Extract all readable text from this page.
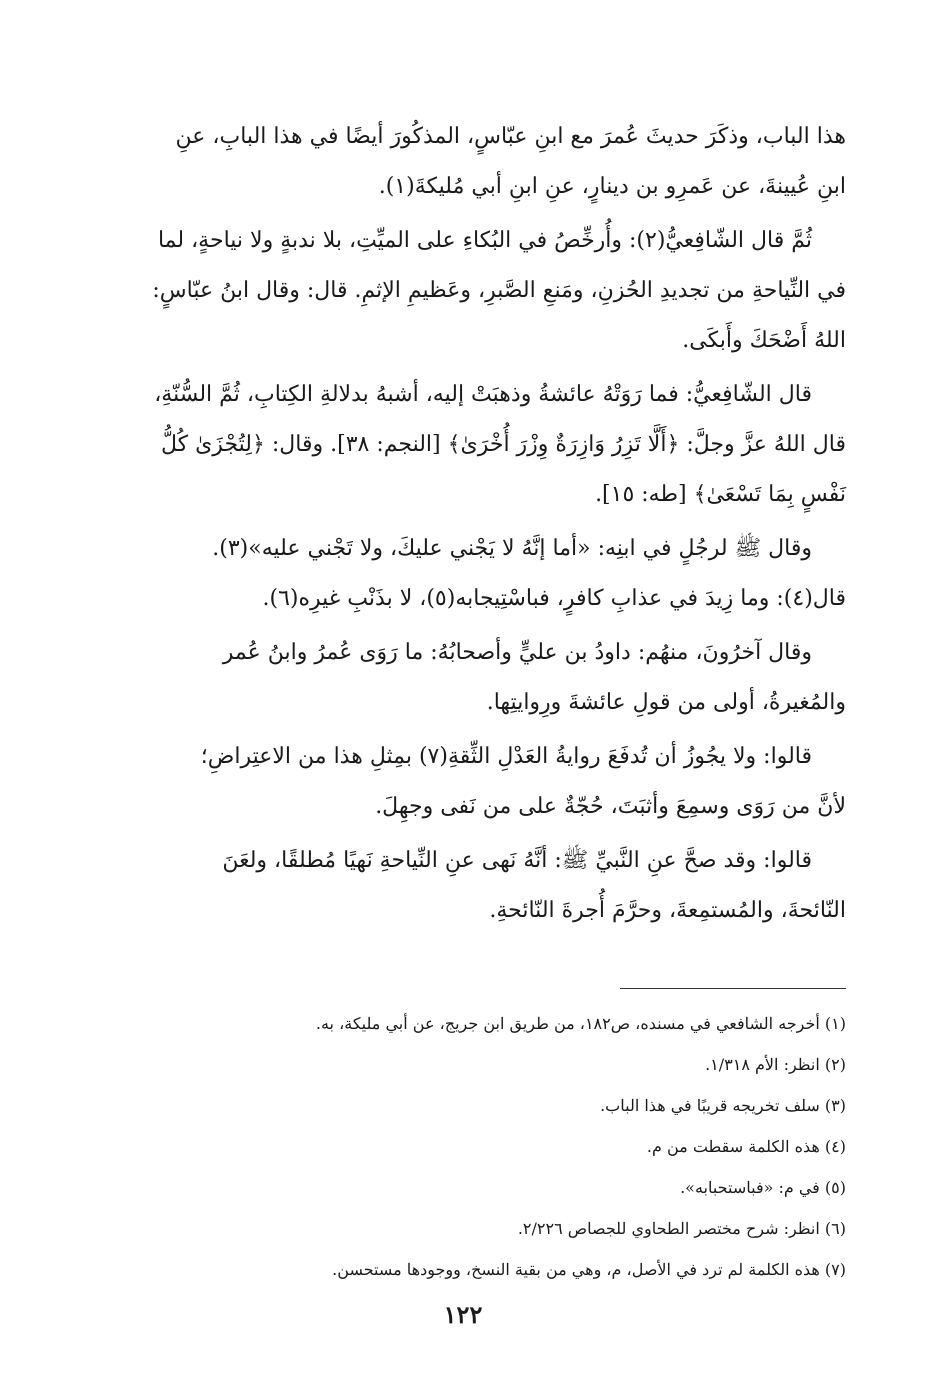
هذا الباب، وذكَرَ حديثَ عُمرَ مع ابنِ عبّاسٍ، المذكُورَ أيضًا في هذا البابِ، عنِ
ابنِ عُيينةَ، عن عَمرِو بن دينارٍ، عنِ ابنِ أبي مُليكةَ(١).

ثُمَّ قال الشّافِعيُّ(٢): وأُرخِّصُ في البُكاءِ على الميِّتِ، بلا ندبةٍ ولا نياحةٍ، لما
في النِّياحةِ من تجديدِ الحُزنِ، ومَنعِ الصَّبرِ، وعَظيمِ الإثمِ. قال: وقال ابنُ عبّاسٍ:
اللهُ أَضْحَكَ وأَبكَى.

قال الشّافِعيُّ: فما رَوَتْهُ عائشةُ وذهبَتْ إليه، أشبهُ بدلالةِ الكِتابِ، ثُمَّ السُّنّةِ،
قال اللهُ عزَّ وجلَّ: ﴿أَلَّا تَزِرُ وَازِرَةٌ وِزْرَ أُخْرَىٰ﴾ [النجم: ٣٨]. وقال: ﴿لِتُجْزَىٰ كُلُّ
نَفْسٍ بِمَا تَسْعَىٰ﴾ [طه: ١٥].

وقال ﷺ لرجُلٍ في ابنِه: «أما إنَّهُ لا يَجْني عليكَ، ولا تَجْني عليه»(٣).
قال(٤): وما زِيدَ في عذابِ كافرٍ، فباسْتِيجابه(٥)، لا بذَنْبِ غيرِه(٦).

وقال آخرُونَ، منهُم: داودُ بن عليٍّ وأصحابُهُ: ما رَوَى عُمرُ وابنُ عُمر
والمُغيرةُ، أولى من قولِ عائشةَ ورِوايتِها.

قالوا: ولا يجُوزُ أن تُدفَعَ روايةُ العَدْلِ الثِّقةِ(٧) بمِثلِ هذا من الاعتِراضِ؛
لأنَّ من رَوَى وسمِعَ وأثبَتَ، حُجّةٌ على من نَفى وجهِلَ.

قالوا: وقد صحَّ عنِ النَّبيِّ ﷺ: أنَّهُ نَهى عنِ النِّياحةِ نَهيًا مُطلقًا، ولعَنَ
النّائحةَ، والمُستمِعةَ، وحرَّمَ أُجرةَ النّائحةِ.

(١) أخرجه الشافعي في مسنده، ص١٨٢، من طريق ابن جريج، عن أبي مليكة، به.

(٢) انظر: الأم ١/٣١٨.

(٣) سلف تخريجه قريبًا في هذا الباب.

(٤) هذه الكلمة سقطت من م.

(٥) في م: «فباستحبابه».

(٦) انظر: شرح مختصر الطحاوي للجصاص ٢/٢٢٦.

(٧) هذه الكلمة لم ترد في الأصل، م، وهي من بقية النسخ، ووجودها مستحسن.

١٢٢
